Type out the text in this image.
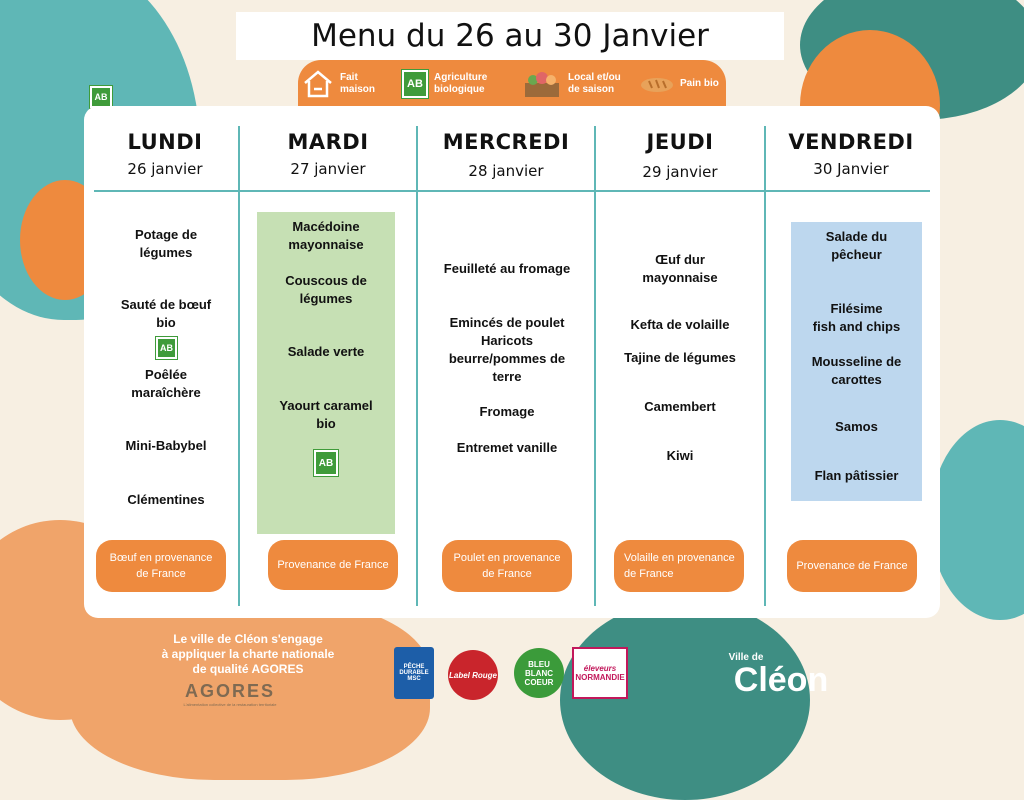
Menu du 26 au 30 Janvier
Fait
maison	AB
Agriculture
biologique
Local et/ou
de saison
Pain bio
AB
LUNDI
26 janvier
MARDI
27 janvier
MERCREDI
28 janvier
JEUDI
29 janvier
VENDREDI
30 Janvier
Potage de
légumes
Sauté de bœuf
bio
AB
Poêlée
maraîchère
Mini-Babybel
Clémentines
Bœuf en provenance
de France
Macédoine
mayonnaise
Couscous de
légumes
Salade verte
Yaourt caramel
bio
AB
Provenance de France
Feuilleté au fromage
Emincés de poulet
Haricots
beurre/pommes de
terre
Fromage
Entremet vanille
Poulet en provenance
de France
Œuf dur
mayonnaise
Kefta de volaille
Tajine de légumes
Camembert
Kiwi
Volaille en provenance
de France
Salade du
pêcheur
Filésime
fish and chips
Mousseline de
carottes
Samos
Flan pâtissier
Provenance de France
Le ville de Cléon s'engage
à appliquer la charte nationale
de qualité AGORES
AGORES
L'alimentation collective de la restauration territoriale
PÊCHE
DURABLE
MSC	Label Rouge
BLEU
BLANC
COEUR
éleveurs
NORMANDIE
Ville de
Cléon
